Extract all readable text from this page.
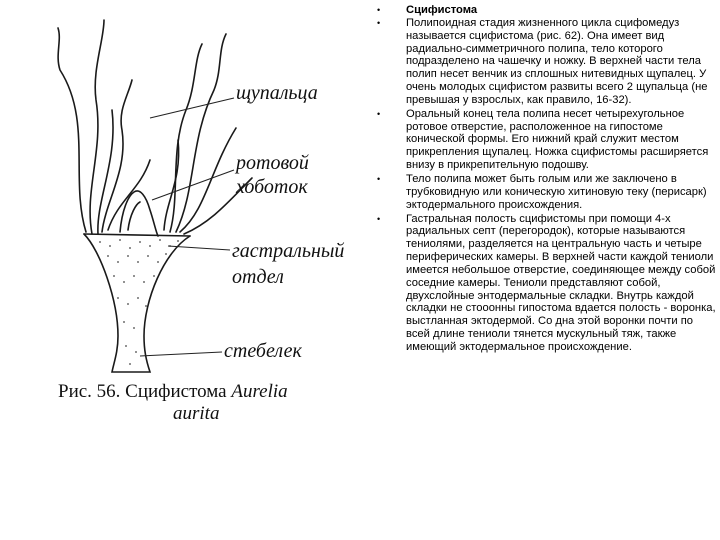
щупальца
ротовой
хоботок
гастральный
отдел
стебелек
Рис. 56. Сцифистома Aurelia
aurita
• Сцифистома
• Полипоидная стадия жизненного цикла сцифомедуз называется сцифистома (рис. 62). Она имеет вид радиально-симметричного полипа, тело которого подразделено на чашечку и ножку. В верхней части тела полип несет венчик из сплошных нитевидных щупалец. У очень молодых сцифистом развиты всего 2 щупальца (не превышая у взрослых, как правило, 16-32).
• Оральный конец тела полипа несет четырехугольное ротовое отверстие, расположенное на гипостоме конической формы. Его нижний край служит местом прикрепления щупалец. Ножка сцифистомы расширяется внизу в прикрепительную подошву.
• Тело полипа может быть голым или же заключено в трубковидную или коническую хитиновую теку (перисарк) эктодермального происхождения.
• Гастральная полость сцифистомы при помощи 4-х радиальных септ (перегородок), которые называются тениолями, разделяется на центральную часть и четыре периферических камеры. В верхней части каждой тениоли имеется небольшое отверстие, соединяющее между собой соседние камеры. Тениоли представляют собой, двухслойные энтодермальные складки. Внутрь каждой складки не стооонны гипостома вдается полость - воронка, выстланная эктодермой. Со дна этой воронки почти по всей длине тениоли тянется мускульный тяж, также имеющий эктодермальное происхождение.
